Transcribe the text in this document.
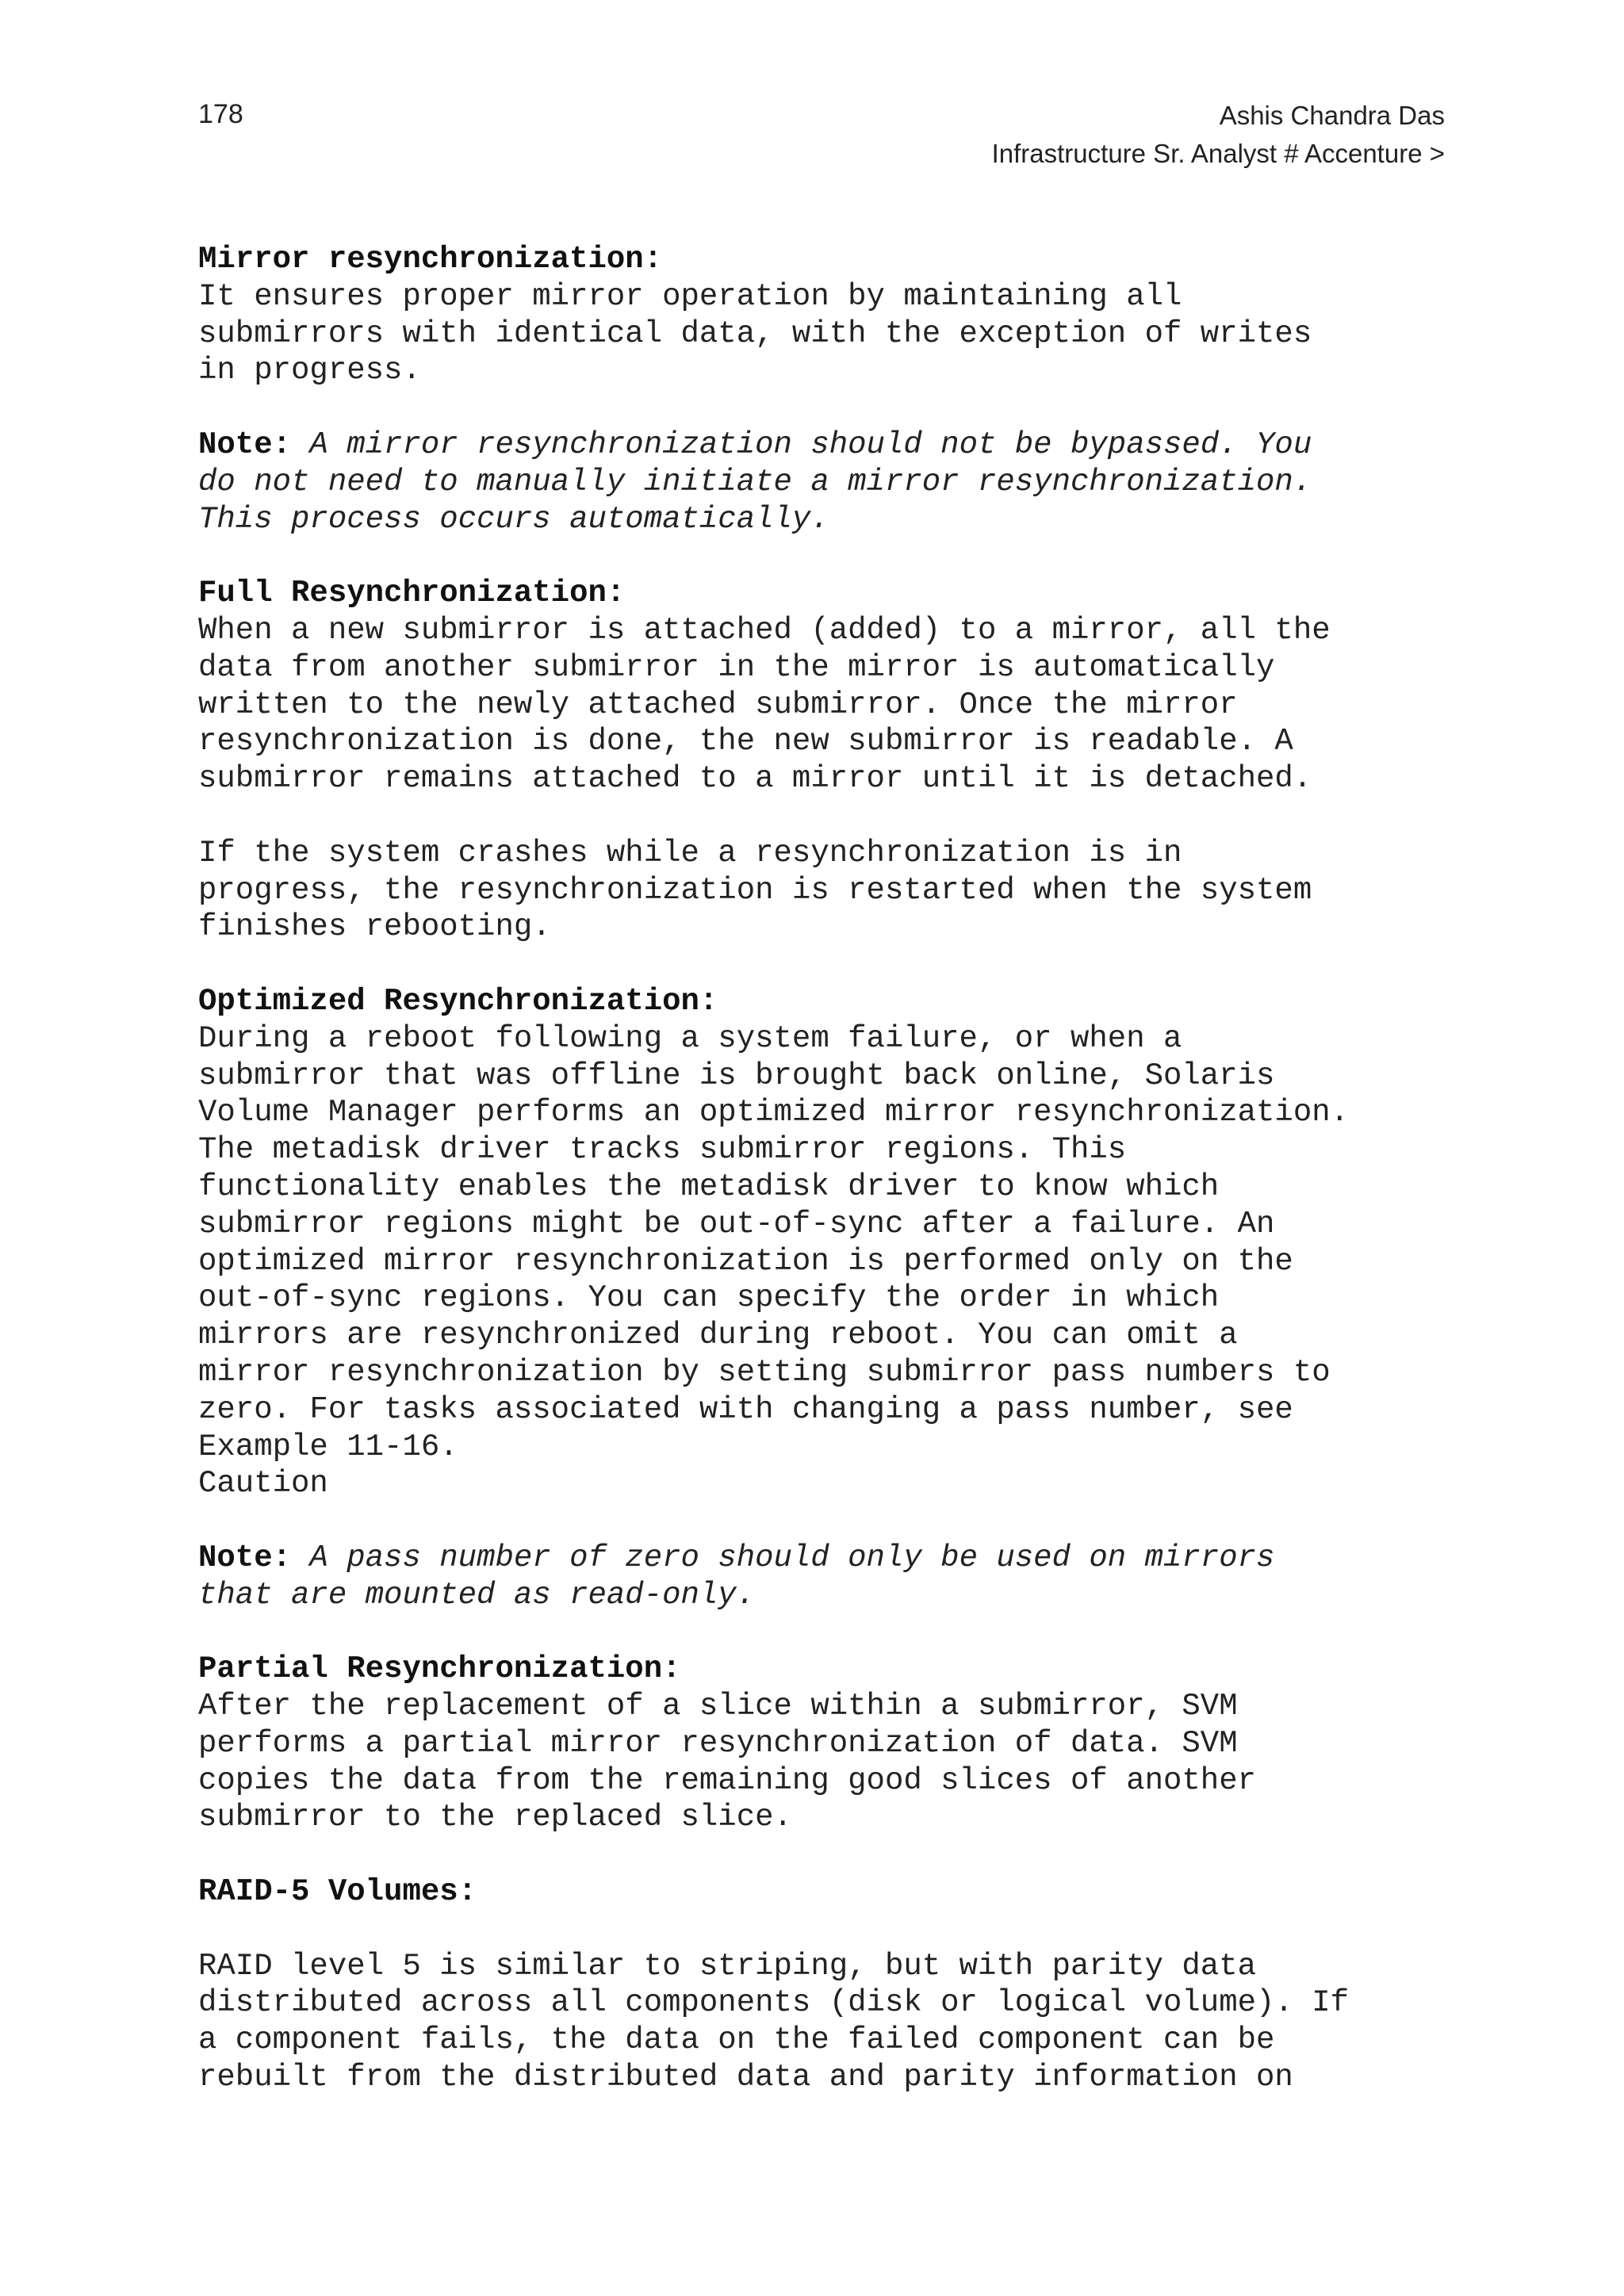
178	Ashis Chandra Das
Infrastructure Sr. Analyst # Accenture >
Mirror resynchronization:
It ensures proper mirror operation by maintaining all
submirrors with identical data, with the exception of writes
in progress.
Note: A mirror resynchronization should not be bypassed. You
do not need to manually initiate a mirror resynchronization.
This process occurs automatically.
Full Resynchronization:
When a new submirror is attached (added) to a mirror, all the
data from another submirror in the mirror is automatically
written to the newly attached submirror. Once the mirror
resynchronization is done, the new submirror is readable. A
submirror remains attached to a mirror until it is detached.
If the system crashes while a resynchronization is in
progress, the resynchronization is restarted when the system
finishes rebooting.
Optimized Resynchronization:
During a reboot following a system failure, or when a
submirror that was offline is brought back online, Solaris
Volume Manager performs an optimized mirror resynchronization.
The metadisk driver tracks submirror regions. This
functionality enables the metadisk driver to know which
submirror regions might be out-of-sync after a failure. An
optimized mirror resynchronization is performed only on the
out-of-sync regions. You can specify the order in which
mirrors are resynchronized during reboot. You can omit a
mirror resynchronization by setting submirror pass numbers to
zero. For tasks associated with changing a pass number, see
Example 11-16.
Caution
Note: A pass number of zero should only be used on mirrors
that are mounted as read-only.
Partial Resynchronization:
After the replacement of a slice within a submirror, SVM
performs a partial mirror resynchronization of data. SVM
copies the data from the remaining good slices of another
submirror to the replaced slice.
RAID-5 Volumes:
RAID level 5 is similar to striping, but with parity data
distributed across all components (disk or logical volume). If
a component fails, the data on the failed component can be
rebuilt from the distributed data and parity information on
